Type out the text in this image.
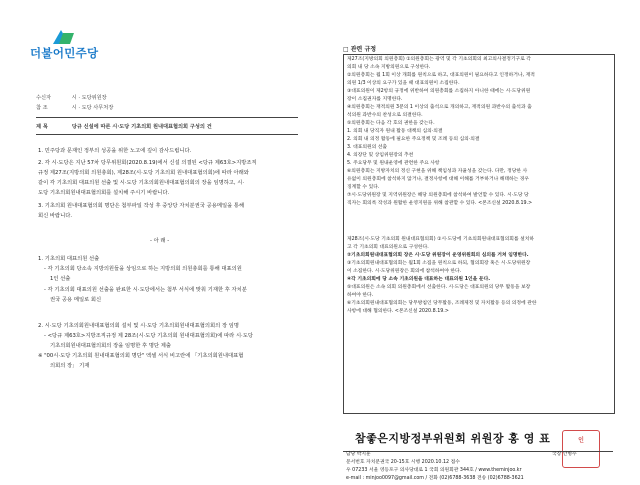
더불어민주당
수신자	시 · 도당위원장
참 조	시 · 도당 사무처장
제 목	당규 신설에 따른 시·도당 기초의회 원내대표협의회 구성의 건
1. 민주당과 문재인 정부의 성공을 위한 노고에 깊이 감사드립니다.
2. 각 시·도당은 지난 57차 당무위원회(2020.8.19)에서 신설 의결된 <당규 제63호>지방조직
규정 제27조(지방의회 의원총회), 제28조(시·도당 기초의회 원내대표협의회)에 따라 아래와
같이 각 기초의회 대표의원 선출 및 시·도당 기초의회원내대표협의회의 장을 임명하고, 시·
도당 기초의회원내대표협의회를 설치해 주시기 바랍니다.
3. 기초의회 원내대표협의회 명단은 첨부파일 작성 후 중앙당 자치분권국 공용메일을 통해
회신 바랍니다.
- 아 래 -
1. 기초의회 대표의원 선출
- 각 기초의회 당소속 지방의원들을 상임으로 하는 지방의회 의원총회를 통해 대표의원
1인 선출
- 각 기초의회 대표의원 선출을 완료한 시·도당에서는 첨부 서식에 맞춰 기재한 후 자치분
권국 공용 메일로 회신
2. 시·도당 기초의회원내대표협의회 설치 및 시·도당 기초의회원내대표협의회의 장 임명
- <당규 제63호>지방조직규정 제 28조(시·도당 기초의회 원내대표협의회)에 따라 시·도당
기초의회원내대표협의회의 장을 임명한 후 명단 제출
※ "00시·도당 기초의회 원내대표협의회 명단" 엑셀 서식 비고란에 「기초의회원내대표협
의회의 장」 기재
□ 관련 규정
제27조(지방의회 의원총회) ①의원총회는 광역 및 각 기초의회의 최고의사결정기구로 각
의회 내 당 소속 지방의원으로 구성한다.
②의원총회는 월 1회 이상 개회를 원칙으로 하고, 대표의원이 필요하다고 인정하거나, 재적
의원 1/3 이상의 요구가 있을 때 대표의원이 소집한다.
③대표의원이 제2항의 규정에 위반하여 의원총회를 소집하지 아니한 때에는 시·도당위원
장이 소집권자를 지명한다.
④의원총회는 재적의원 3분의 1 이상의 출석으로 개의하고, 재적의원 과반수의 출석과 출
석의원 과반수의 찬성으로 의결한다.
⑤의원총회는 다음 각 호의 권한을 갖는다.
1. 의회 내 당직자 원내 활동 대책의 심의·의결
2. 의회 내 의정 활동에 필요한 주요정책 및 조례 등의 심의·의결
3. 대표의원의 선출
4. 의장단 및 상임위원장의 추천
5. 주요당무 및 원내운영에 관련한 주요 사항
⑥의원총회는 지방자치의 정신 구현을 위해 책임성과 자율성을 갖는다. 다만, 정당한 사
유없이 의원총회에 참석하지 않거나, 결정사항에 대해 이해를 거부하거나 해태하는 경우
징계할 수 있다.
⑦시·도당위원장 및 지역위원장은 해당 의원총회에 참석하여 발언할 수 있다. 시·도당 당
직자는 회의록 작성과 원활한 운영지원을 위해 참관할 수 있다. <본조신설 2020.8.19.>
제28조(시·도당 기초의회 원내대표협의회) ①시·도당에 기초의회원내대표협의회를 설치하
고 각 기초의회 대표의원으로 구성한다.
②기초의회원내대표협의회 장은 시·도당 위원장이 운영위원회의 심의를 거쳐 임명한다.
③기초의회원내대표협의회는 월1회 소집을 원칙으로 하되, 협의회장 혹은 시·도당위원장
이 소집한다. 시·도당위원장은 회의에 참석하여야 한다.
④각 기초의회에 당 소속 기초의원을 대표하는 대표의원 1인을 둔다.
⑤대표의원은 소속 의회 의원총회에서 선출한다. 시·도당은 대표의원의 당무 활동을 보장
하여야 한다.
⑥기초의회원내대표협의회는 당무방침인 당무활동, 조례제정 및 자치활동 등의 의정에 관한
사항에 대해 협의한다. <본조신설 2020.8.19.>
참좋은지방정부위원회 위원장 홍 영 표	인
담당 박지훈	국장 안병수
문서번호 자치분권국 20-15호 시행 2020.10.12 접수
우 07233 서울 영등포구 의사당대로 1 국회 의원회관 344호 / www.theminjoo.kr
e-mail : minjoo0097@gmail.com / 전화 (02)6788-3638 전송 (02)6788-3621
